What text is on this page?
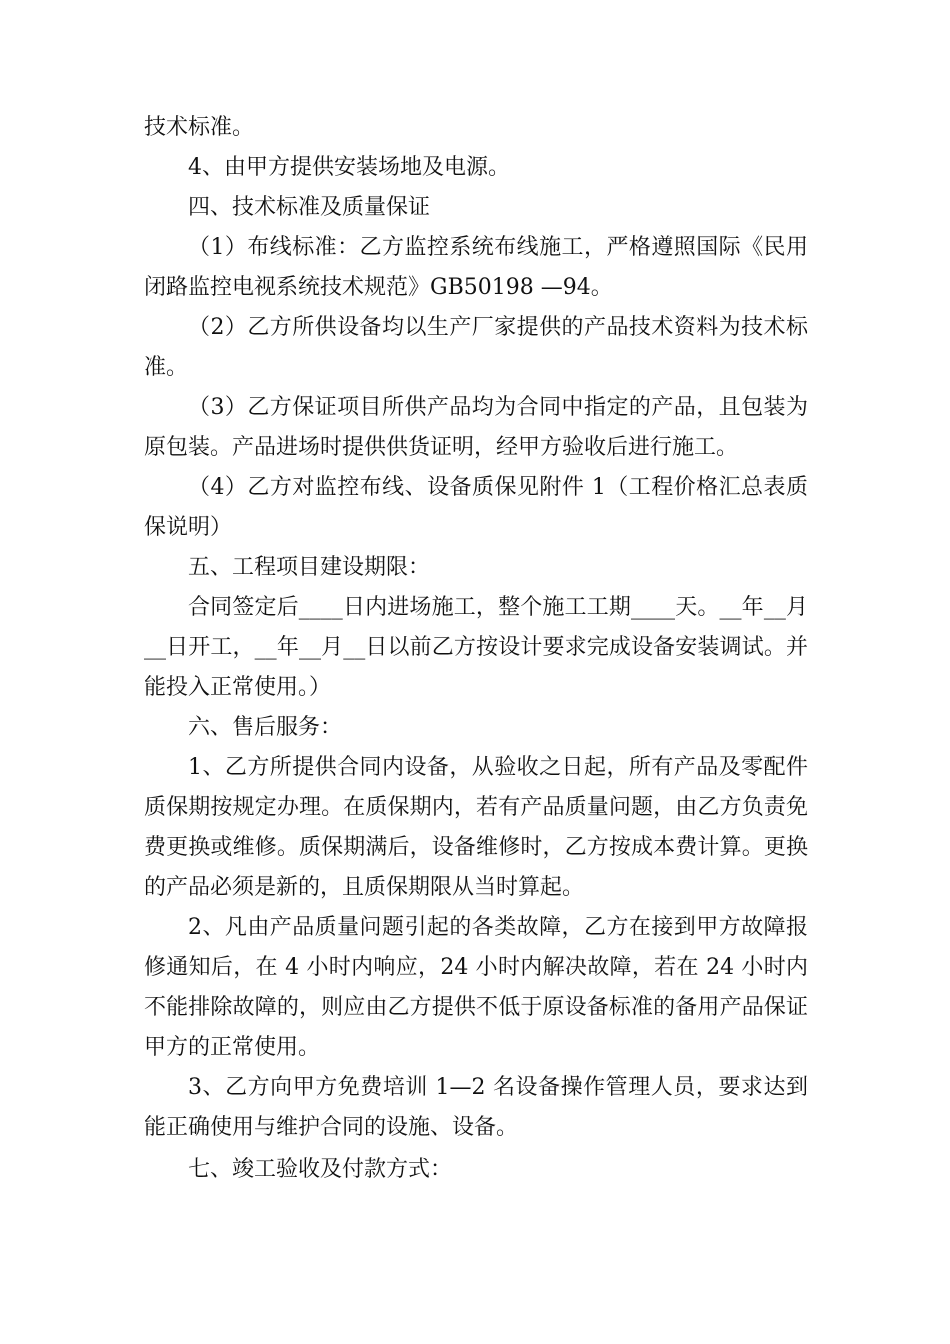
技术标准。

4、由甲方提供安装场地及电源。

四、技术标准及质量保证

（1）布线标准：乙方监控系统布线施工，严格遵照国际《民用闭路监控电视系统技术规范》GB50198 —94。

（2）乙方所供设备均以生产厂家提供的产品技术资料为技术标准。

（3）乙方保证项目所供产品均为合同中指定的产品，且包装为原包装。产品进场时提供供货证明，经甲方验收后进行施工。

（4）乙方对监控布线、设备质保见附件 1（工程价格汇总表质保说明）

五、工程项目建设期限：

合同签定后____日内进场施工，整个施工工期____天。__年__月__日开工，__年__月__日以前乙方按设计要求完成设备安装调试。并能投入正常使用。）

六、售后服务：

1、乙方所提供合同内设备，从验收之日起，所有产品及零配件质保期按规定办理。在质保期内，若有产品质量问题，由乙方负责免费更换或维修。质保期满后，设备维修时，乙方按成本费计算。更换的产品必须是新的，且质保期限从当时算起。

2、凡由产品质量问题引起的各类故障，乙方在接到甲方故障报修通知后，在 4 小时内响应，24 小时内解决故障，若在 24 小时内不能排除故障的，则应由乙方提供不低于原设备标准的备用产品保证甲方的正常使用。

3、乙方向甲方免费培训 1—2 名设备操作管理人员，要求达到能正确使用与维护合同的设施、设备。

七、竣工验收及付款方式：
